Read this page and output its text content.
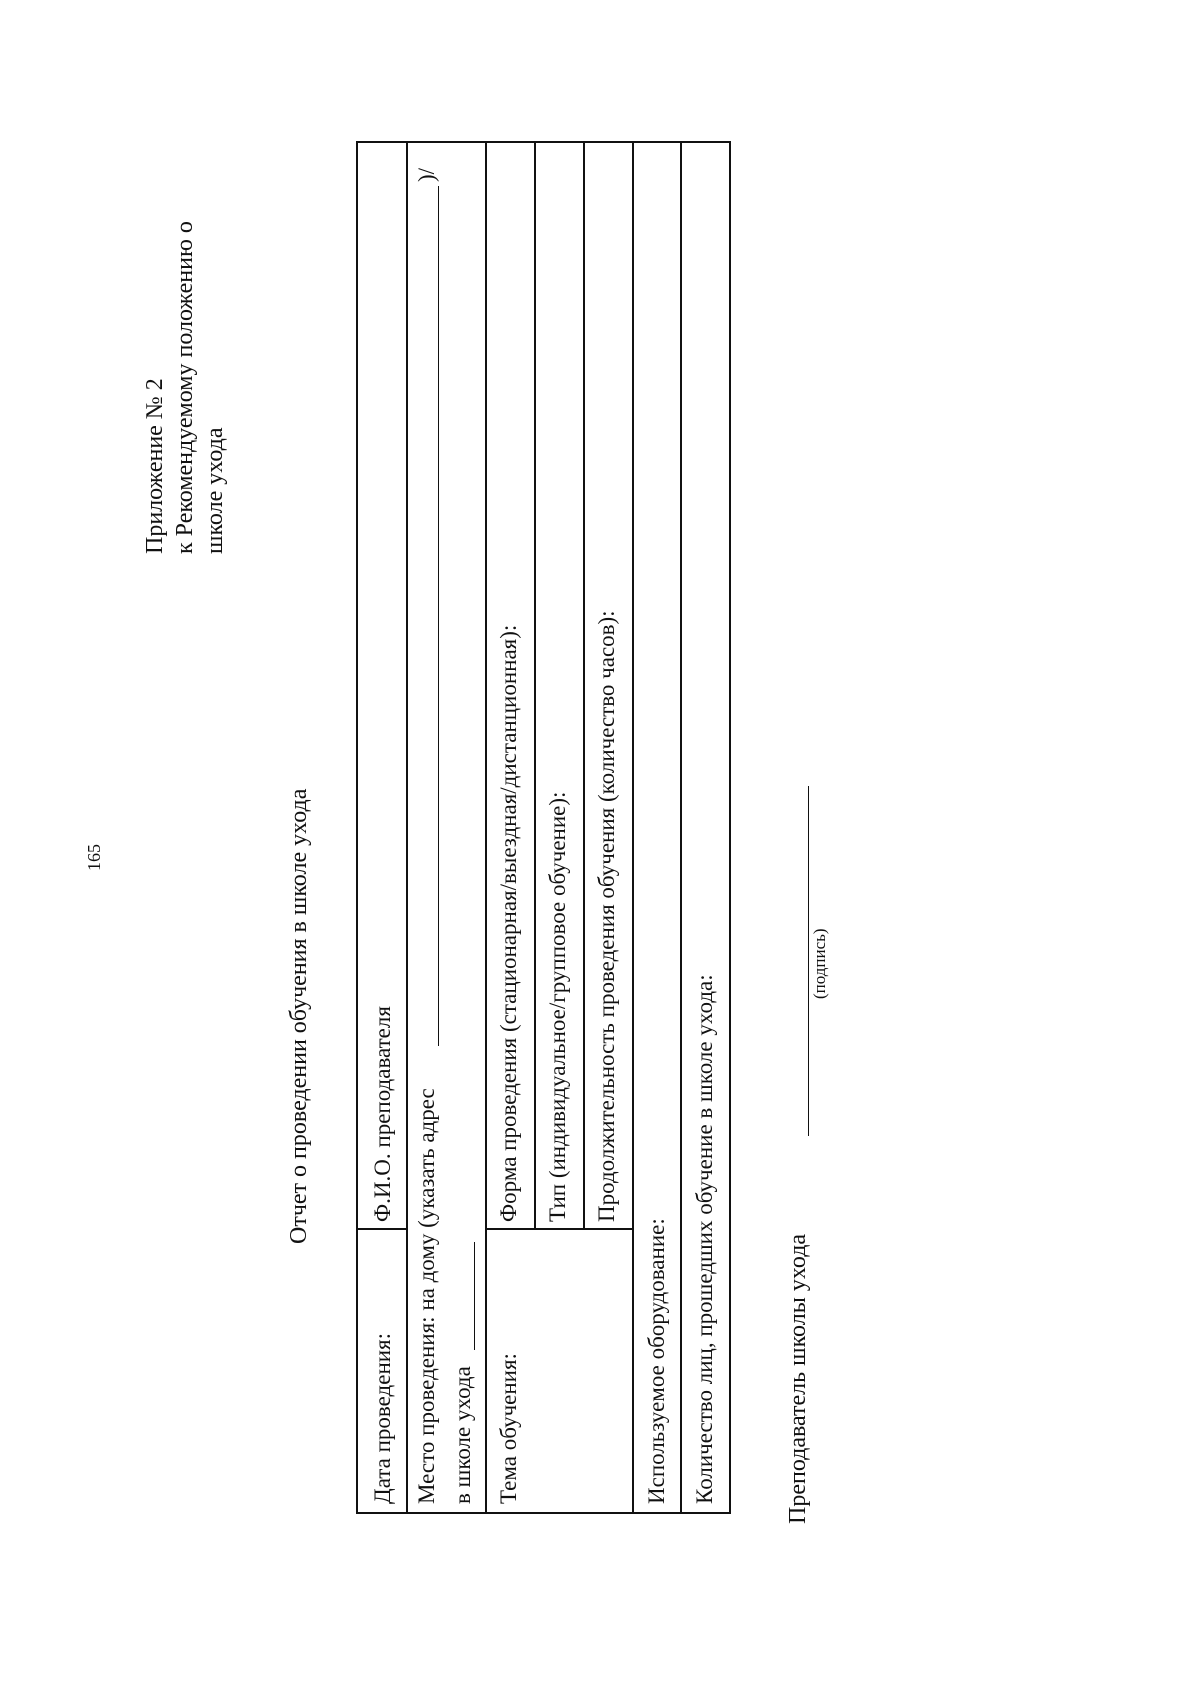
165
Приложение № 2 к Рекомендуемому положению о школе ухода
Отчет о проведении обучения в школе ухода
Дата проведения:
Ф.И.О. преподавателя Место проведения: на дому (указать адрес
)/
в школе ухода Тема обучения:
Форма проведения (стационарная/выездная/дистанционная): Тип (индивидуальное/групповое обучение): Продолжительность проведения обучения (количество часов):
Используемое оборудование: Количество лиц, прошедших обучение в школе ухода:	Преподаватель школы ухода
(подпись)
